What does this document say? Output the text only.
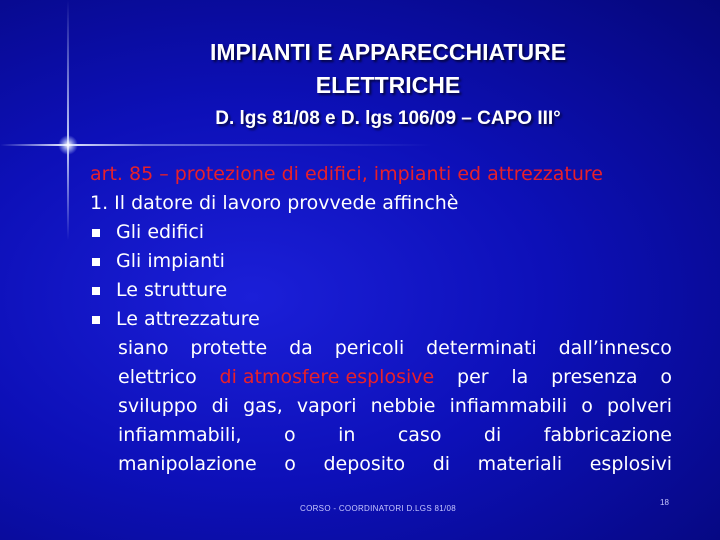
IMPIANTI E APPARECCHIATURE
ELETTRICHE
D. lgs 81/08 e D. lgs 106/09 – CAPO III°
art. 85 – protezione di edifici, impianti ed attrezzature
1. Il datore di lavoro provvede affinchè
Gli edifici
Gli impianti
Le strutture
Le attrezzature
siano protette da pericoli determinati dall’innesco
elettrico di atmosfere esplosive per la presenza o
sviluppo di gas, vapori nebbie infiammabili o polveri
infiammabili, o in caso di fabbricazione
manipolazione o deposito di materiali esplosivi
CORSO - COORDINATORI D.LGS 81/08
18
